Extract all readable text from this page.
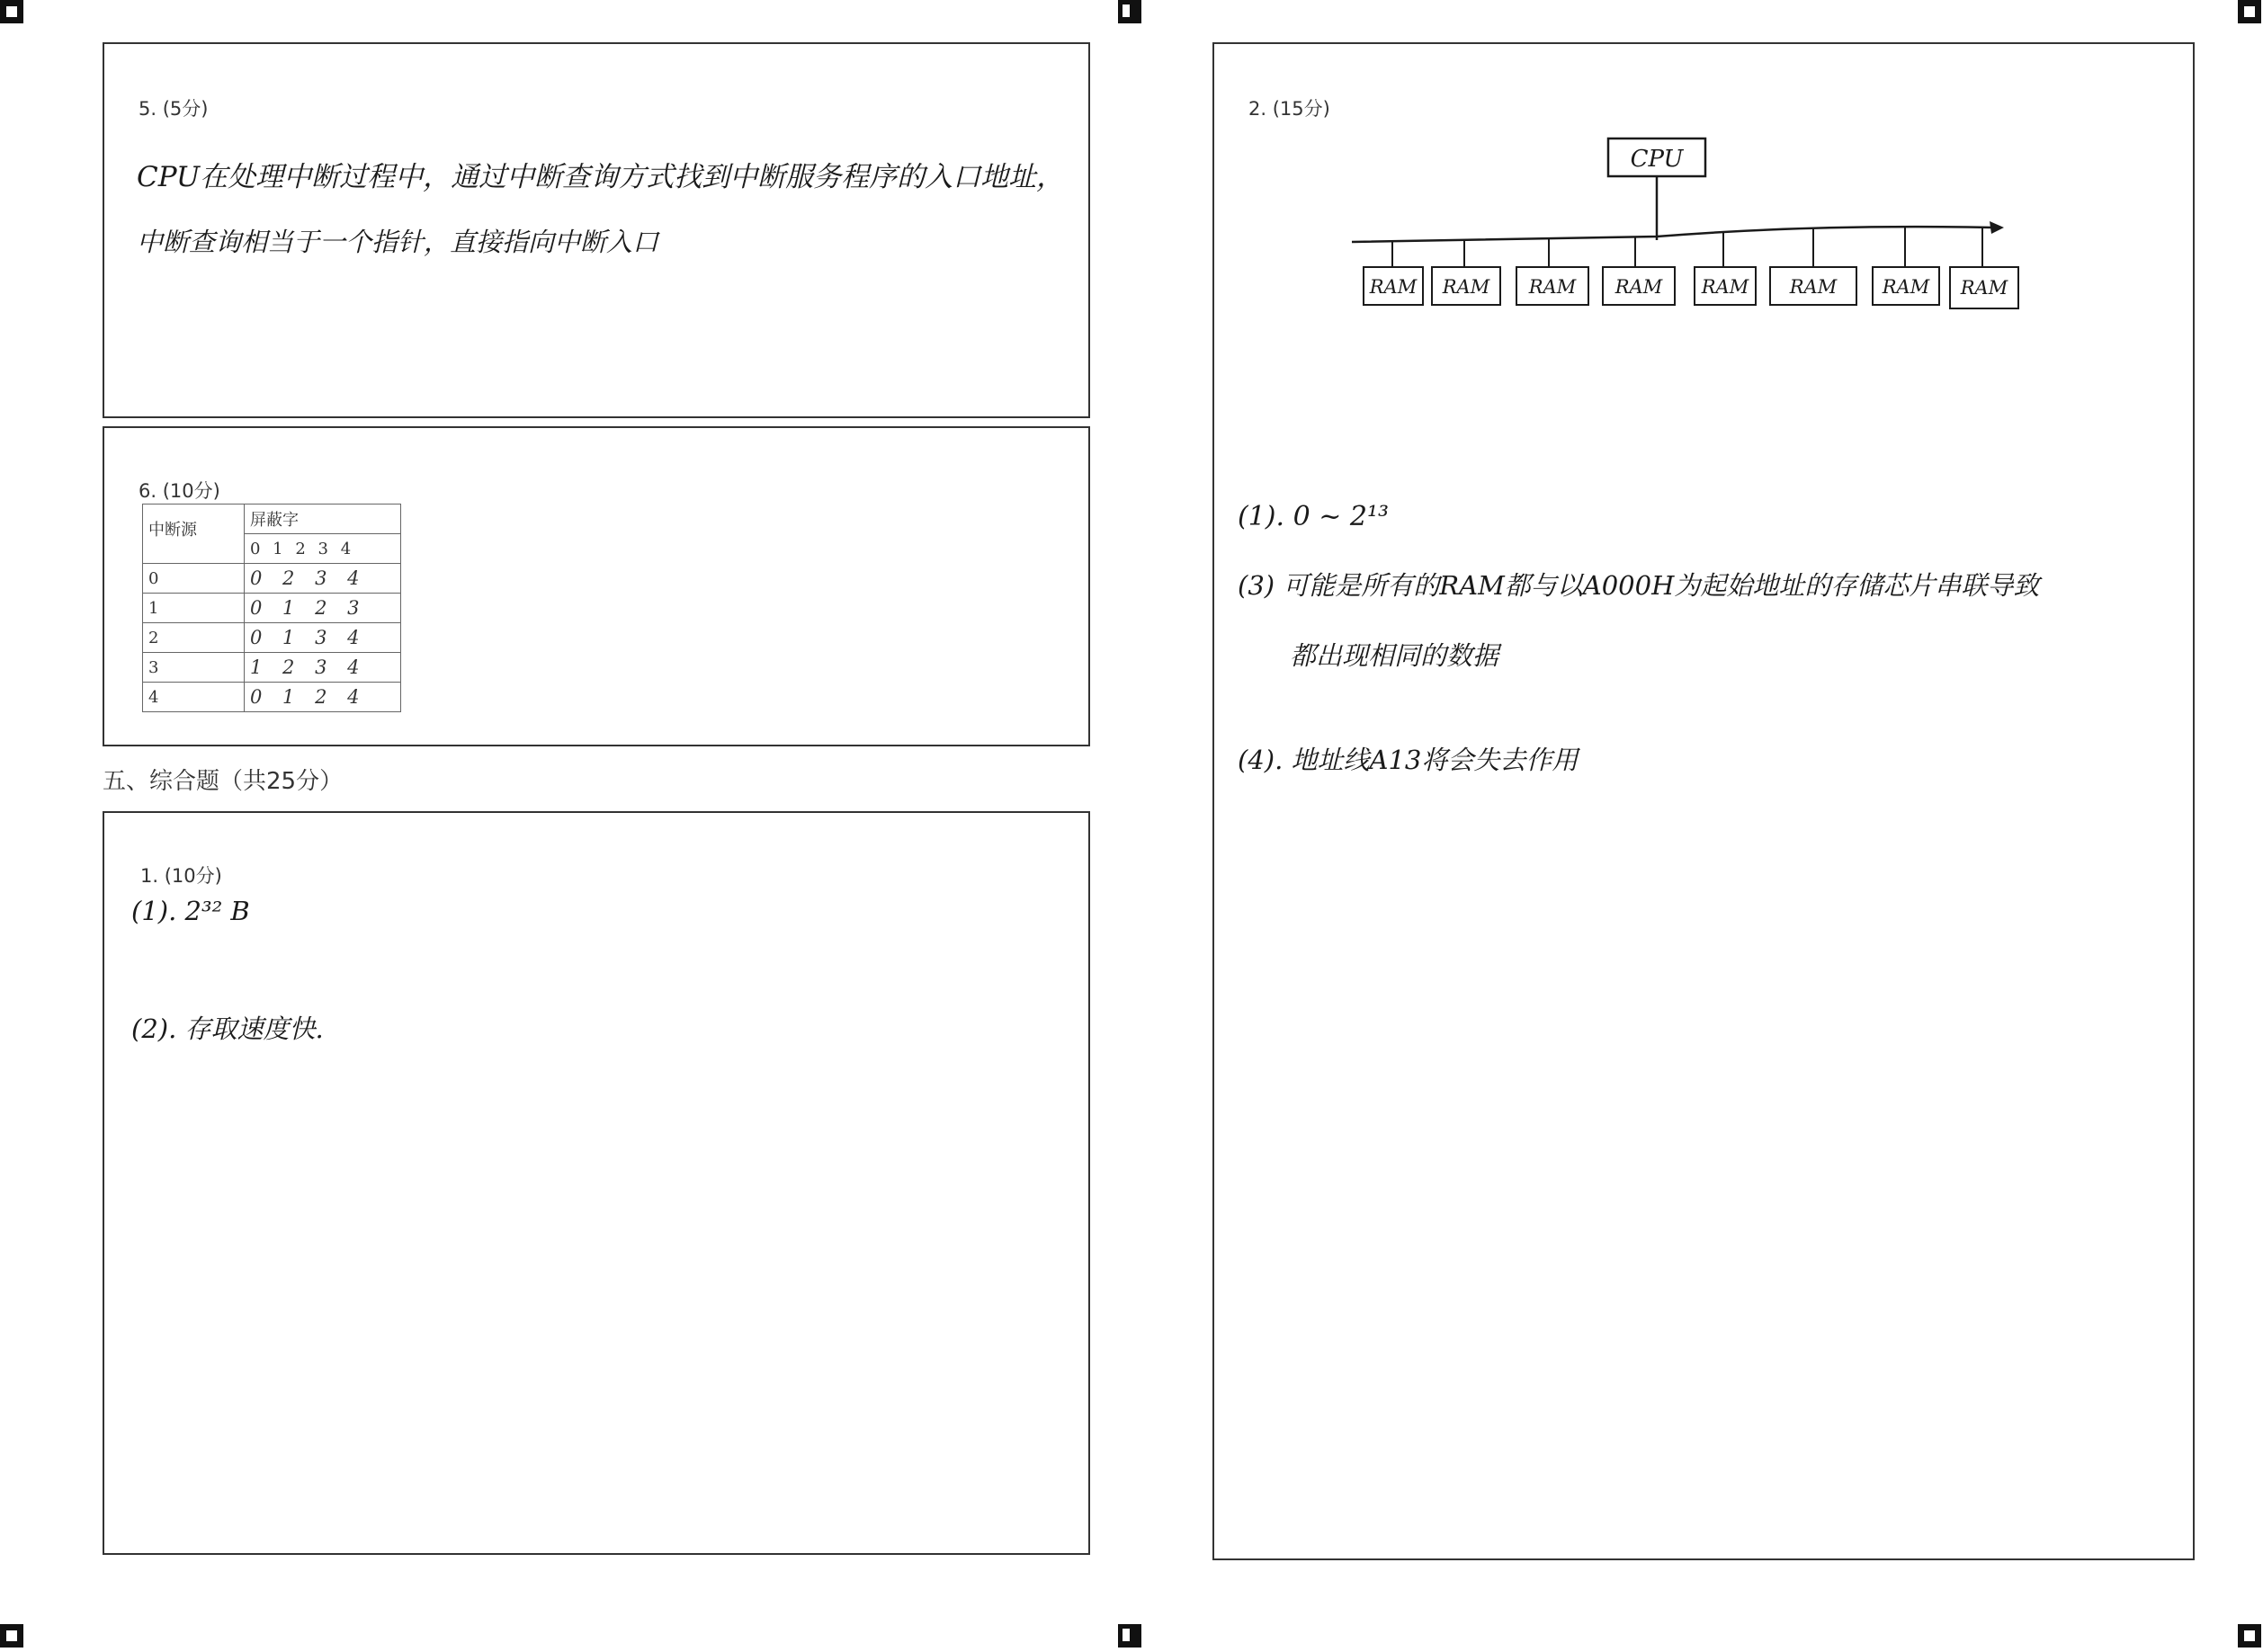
5. (5分)
CPU在处理中断过程中，通过中断查询方式找到中断服务程序的入口地址，
中断查询相当于一个指针，直接指向中断入口
6. (10分)
中断源	屏蔽字
	0 1 2 3 4
0	0 2 3 4
1	0 1 2 3
2	0 1 3 4
3	1 2 3 4
4	0 1 2 4
五、综合题（共25分）
1. (10分)
(1). 2³² B
(2). 存取速度快.
2. (15分)
CPU
RAM RAM RAM RAM RAM RAM RAM RAM
(1). 0 ~ 2¹³
(3) 可能是所有的RAM都与以A000H为起始地址的存储芯片串联导致
都出现相同的数据
(4). 地址线A13将会失去作用
